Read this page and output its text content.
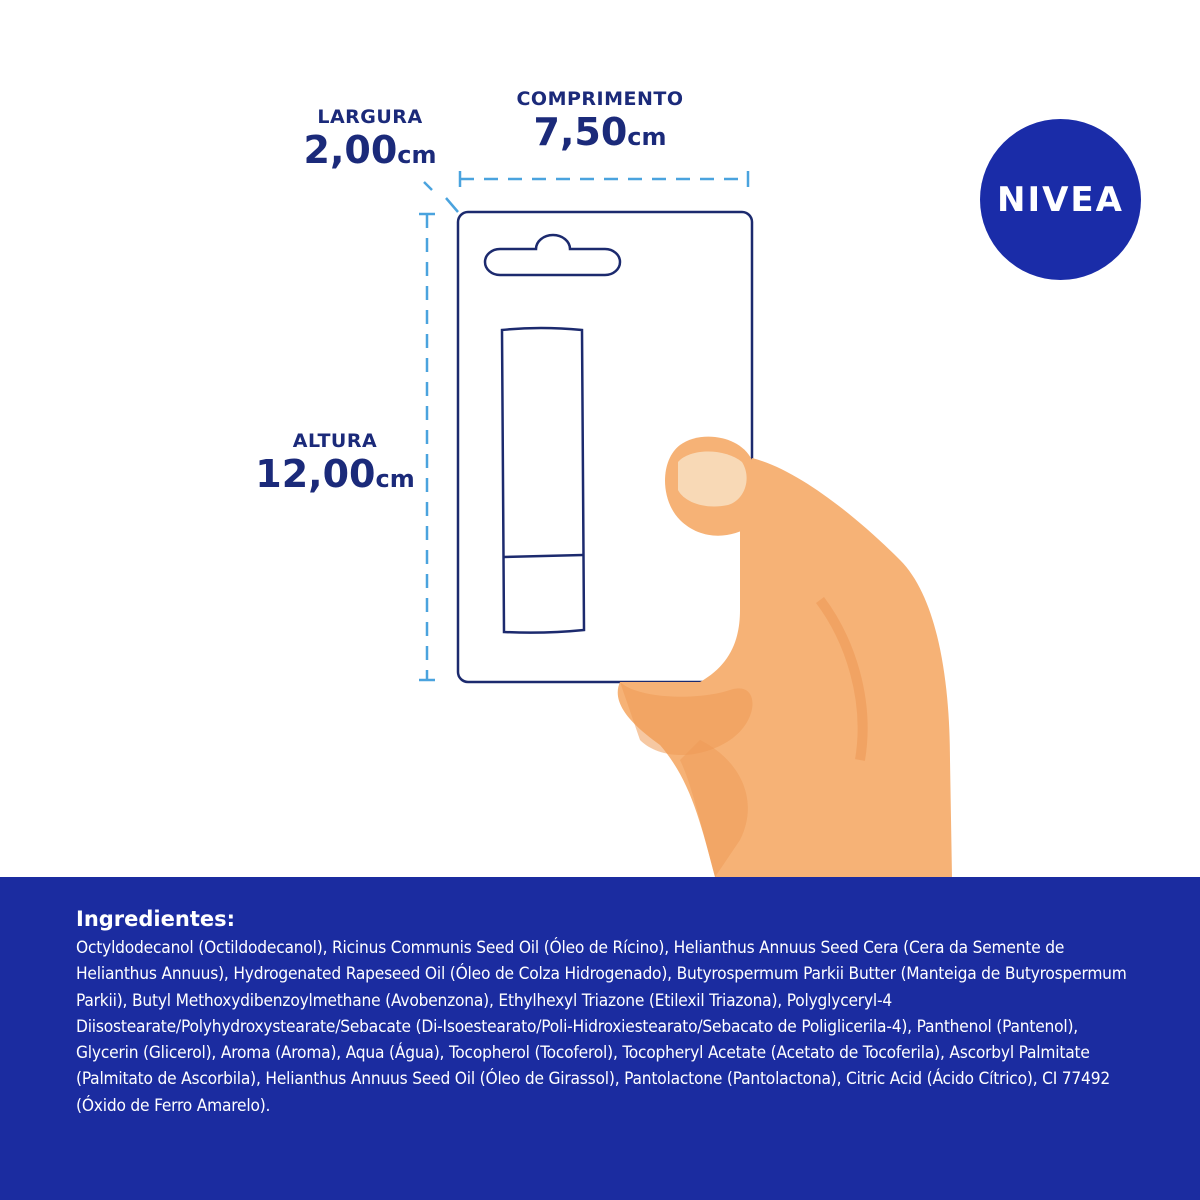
LARGURA
2,00cm
COMPRIMENTO
7,50cm
ALTURA
12,00cm
NIVEA

Ingredientes:

Octyldodecanol (Octildodecanol), Ricinus Communis Seed Oil (Óleo de Rícino), Helianthus Annuus Seed Cera (Cera da Semente de Helianthus Annuus), Hydrogenated Rapeseed Oil (Óleo de Colza Hidrogenado), Butyrospermum Parkii Butter (Manteiga de Butyrospermum Parkii), Butyl Methoxydibenzoylmethane (Avobenzona), Ethylhexyl Triazone (Etilexil Triazona), Polyglyceryl-4 Diisostearate/Polyhydroxystearate/Sebacate (Di-Isoestearato/Poli-Hidroxiestearato/Sebacato de Poliglicerila-4), Panthenol (Pantenol), Glycerin (Glicerol), Aroma (Aroma), Aqua (Água), Tocopherol (Tocoferol), Tocopheryl Acetate (Acetato de Tocoferila), Ascorbyl Palmitate (Palmitato de Ascorbila), Helianthus Annuus Seed Oil (Óleo de Girassol), Pantolactone (Pantolactona), Citric Acid (Ácido Cítrico), CI 77492 (Óxido de Ferro Amarelo).
